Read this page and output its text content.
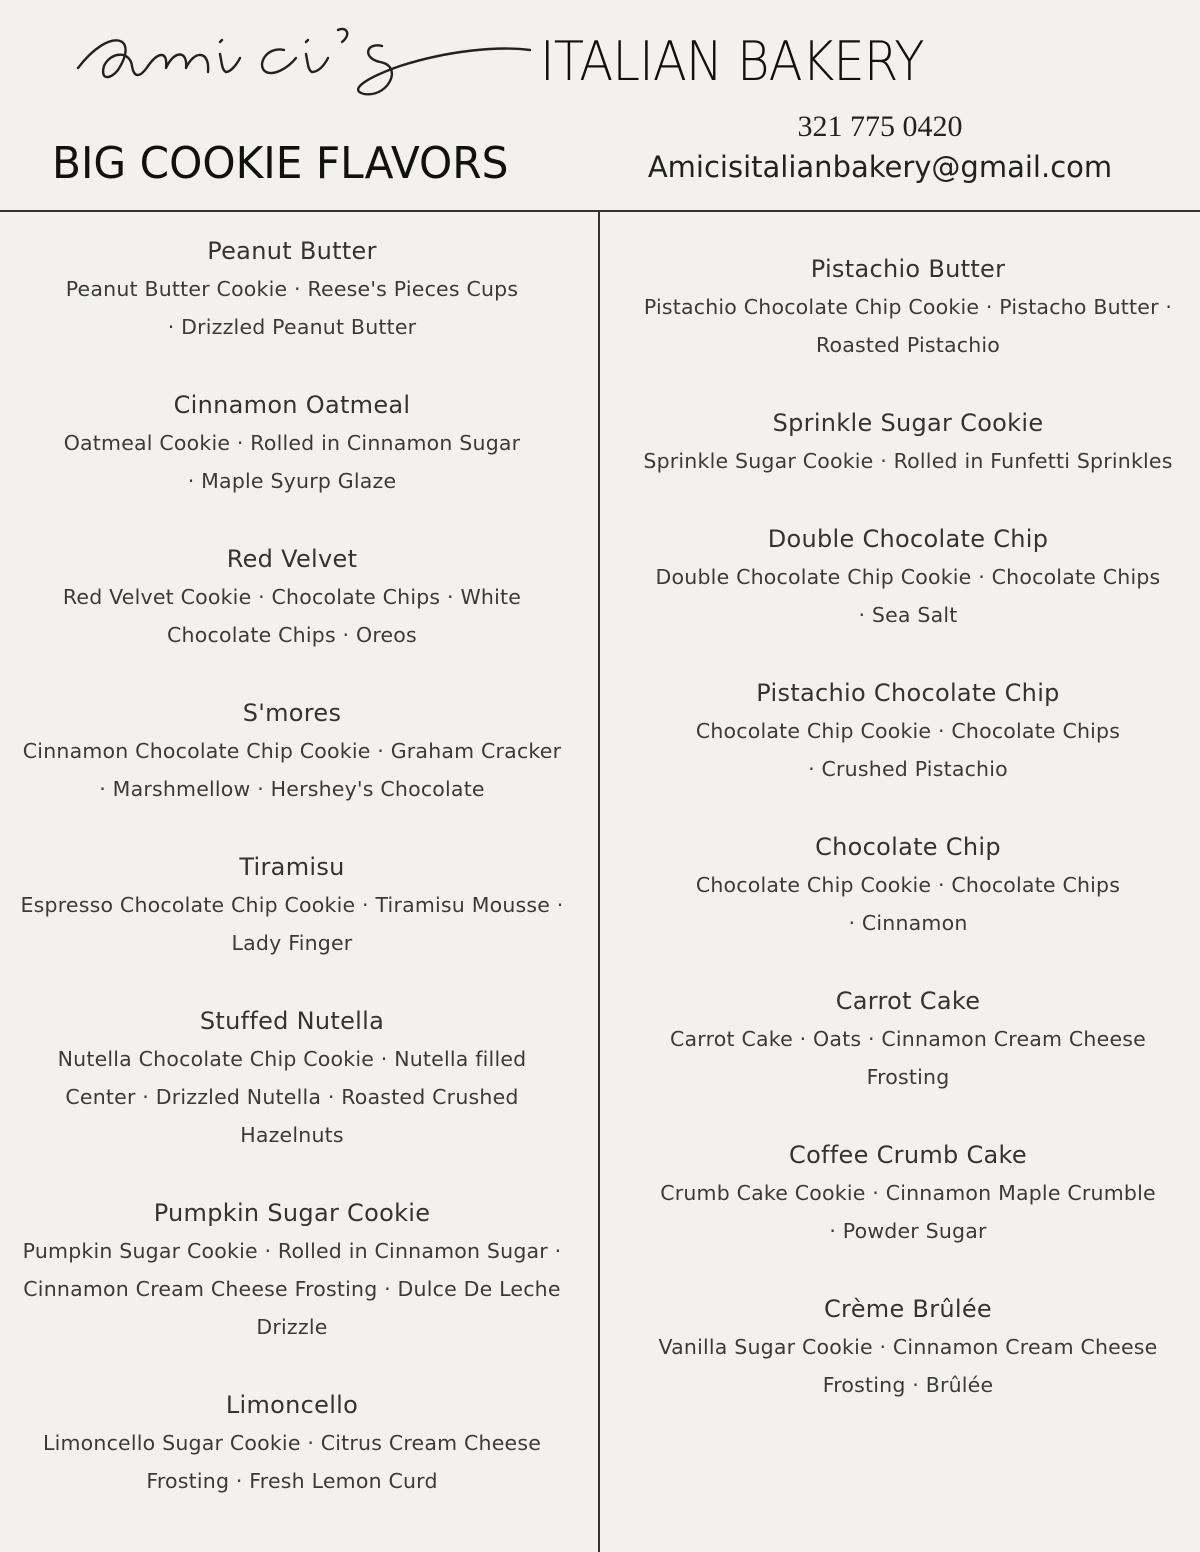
ITALIAN BAKERY
BIG COOKIE FLAVORS
321 775 0420
Amicisitalianbakery@gmail.com
Peanut Butter
Peanut Butter Cookie · Reese's Pieces Cups
· Drizzled Peanut Butter
Cinnamon Oatmeal
Oatmeal Cookie · Rolled in Cinnamon Sugar
· Maple Syurp Glaze
Red Velvet
Red Velvet Cookie · Chocolate Chips · White
Chocolate Chips · Oreos
S'mores
Cinnamon Chocolate Chip Cookie · Graham Cracker
· Marshmellow · Hershey's Chocolate
Tiramisu
Espresso Chocolate Chip Cookie · Tiramisu Mousse ·
Lady Finger
Stuffed Nutella
Nutella Chocolate Chip Cookie · Nutella filled
Center · Drizzled Nutella · Roasted Crushed
Hazelnuts
Pumpkin Sugar Cookie
Pumpkin Sugar Cookie · Rolled in Cinnamon Sugar ·
Cinnamon Cream Cheese Frosting · Dulce De Leche
Drizzle
Limoncello
Limoncello Sugar Cookie · Citrus Cream Cheese
Frosting · Fresh Lemon Curd
Pistachio Butter
Pistachio Chocolate Chip Cookie · Pistacho Butter ·
Roasted Pistachio
Sprinkle Sugar Cookie
Sprinkle Sugar Cookie · Rolled in Funfetti Sprinkles
Double Chocolate Chip
Double Chocolate Chip Cookie · Chocolate Chips
· Sea Salt
Pistachio Chocolate Chip
Chocolate Chip Cookie · Chocolate Chips
· Crushed Pistachio
Chocolate Chip
Chocolate Chip Cookie · Chocolate Chips
· Cinnamon
Carrot Cake
Carrot Cake · Oats · Cinnamon Cream Cheese
Frosting
Coffee Crumb Cake
Crumb Cake Cookie · Cinnamon Maple Crumble
· Powder Sugar
Crème Brûlée
Vanilla Sugar Cookie · Cinnamon Cream Cheese
Frosting · Brûlée
